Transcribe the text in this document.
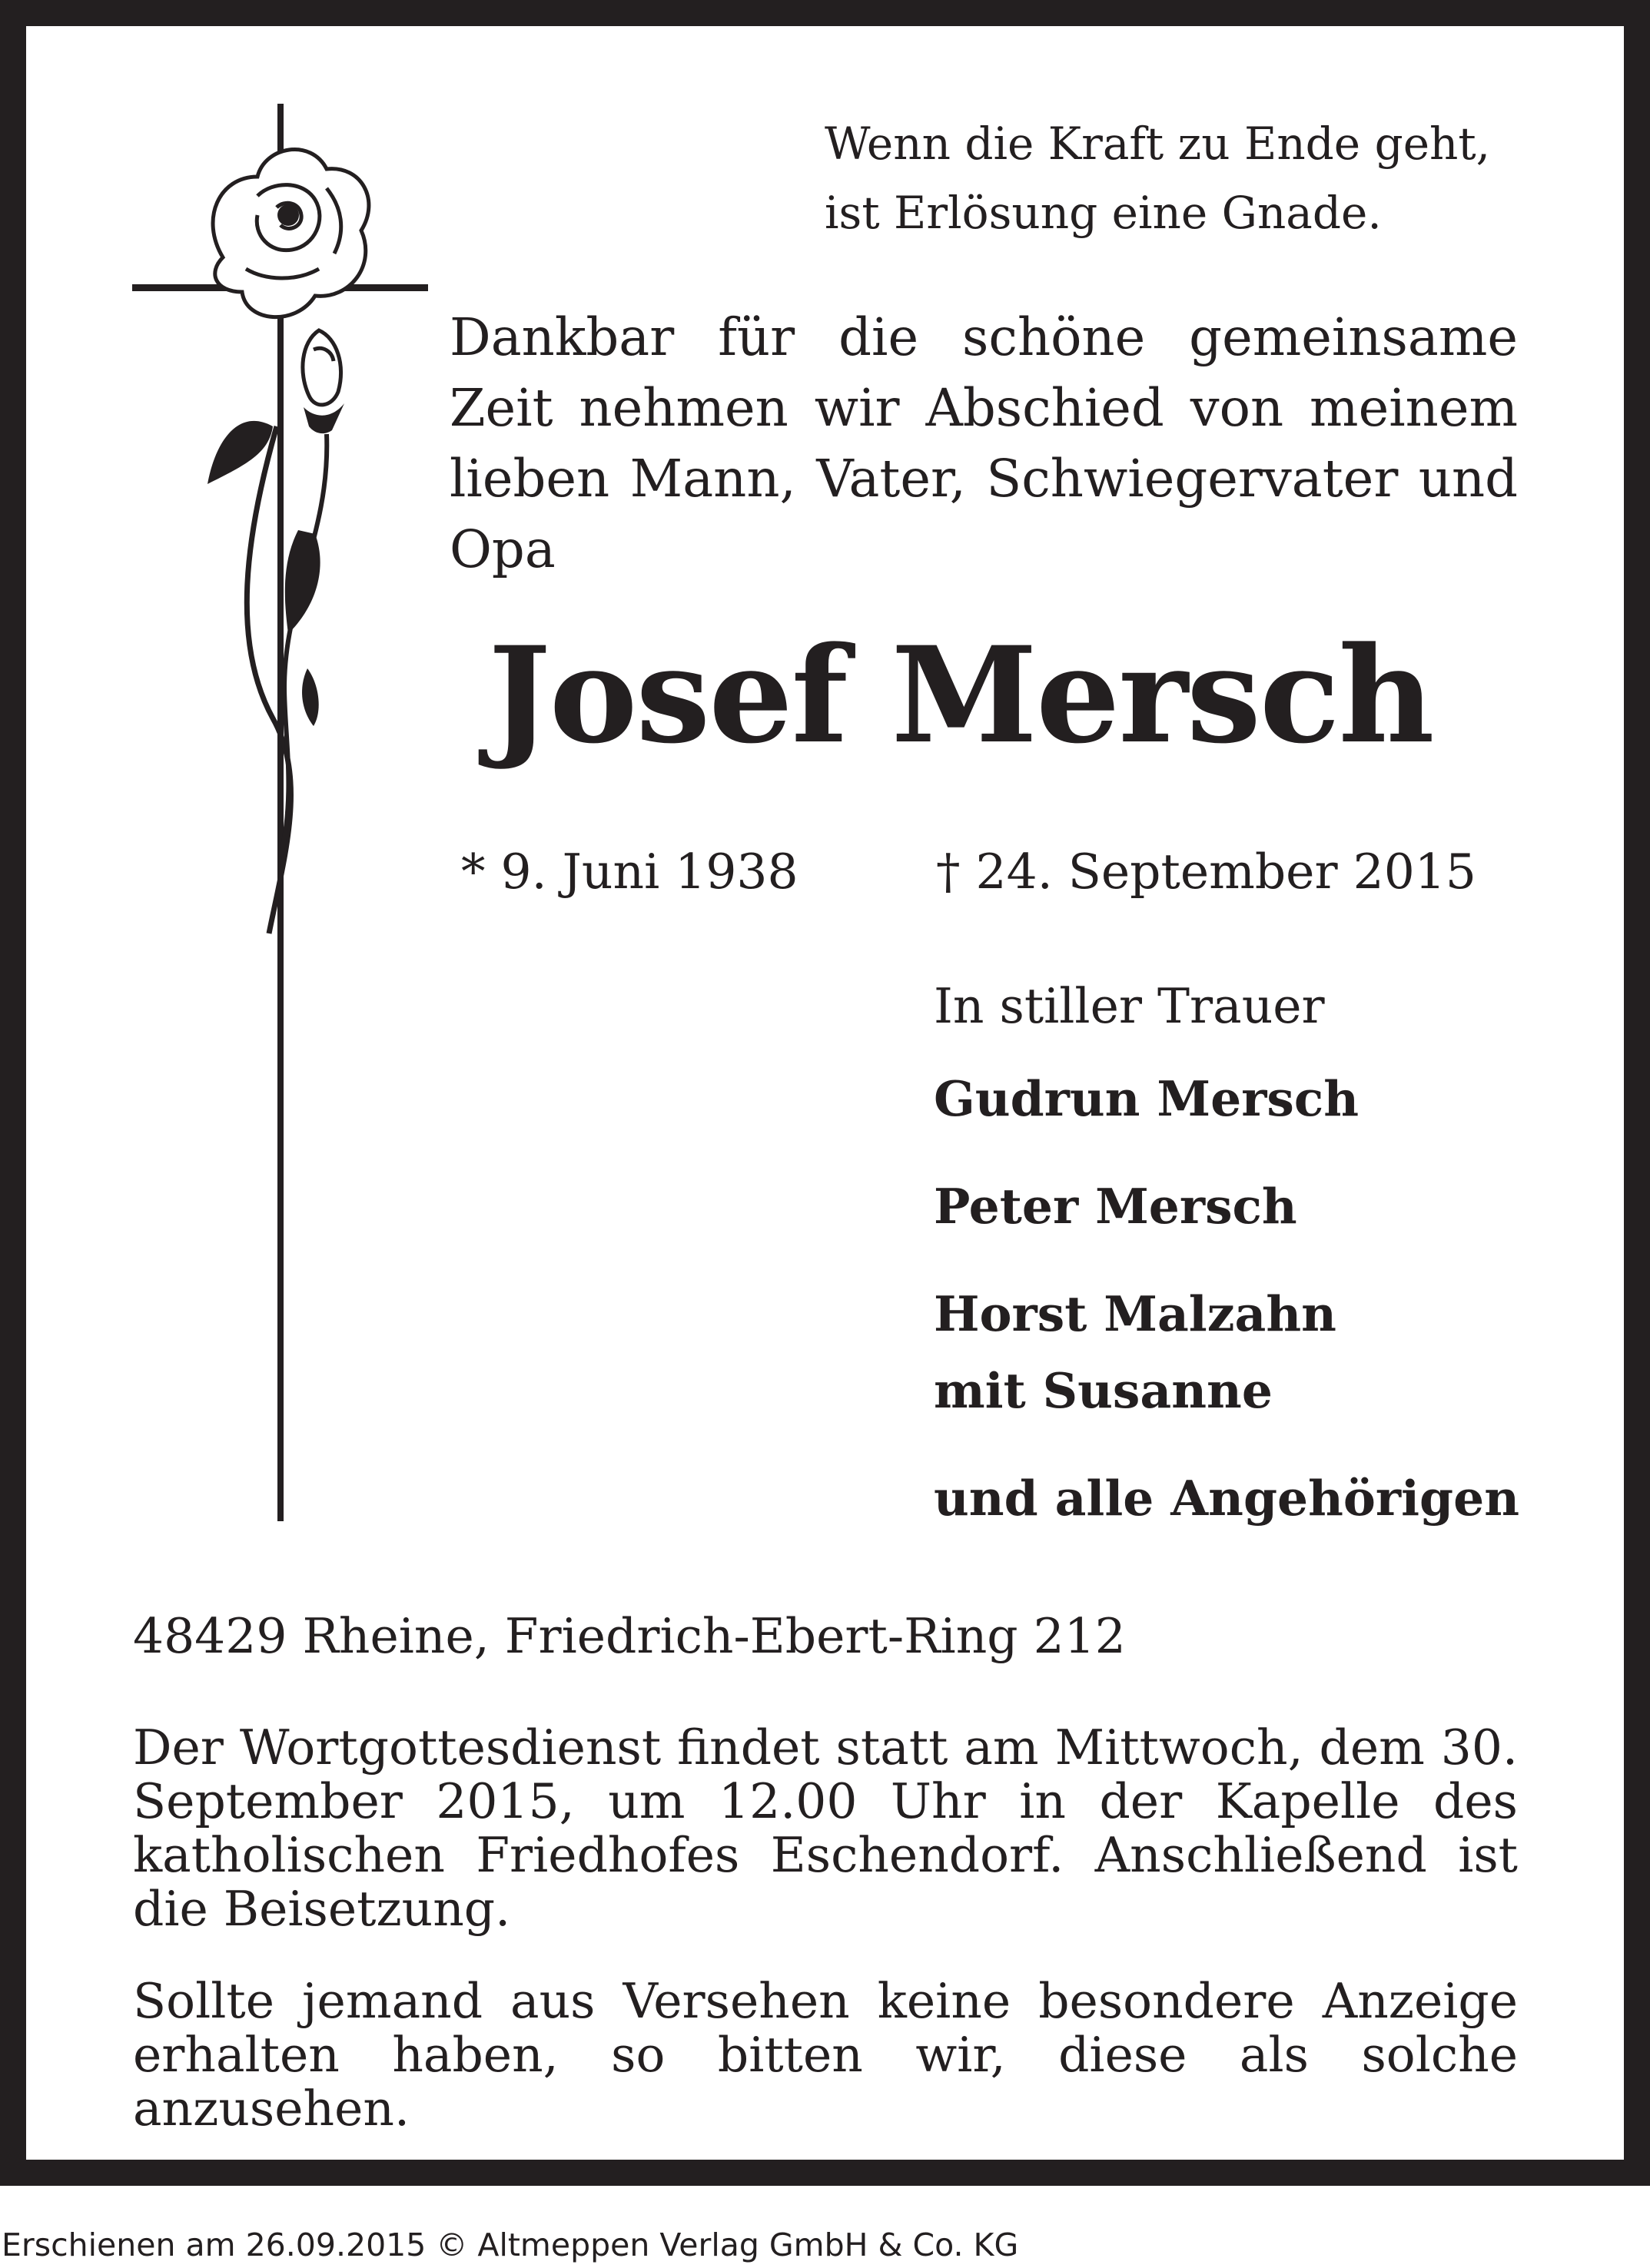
Wenn die Kraft zu Ende geht,
ist Erlösung eine Gnade.
Dankbar für die schöne gemeinsame Zeit nehmen wir Abschied von meinem lieben Mann, Vater, Schwiegervater und Opa
Josef Mersch
* 9. Juni 1938	† 24. September 2015
In stiller Trauer
Gudrun Mersch
Peter Mersch
Horst Malzahn
mit Susanne
und alle Angehörigen
48429 Rheine, Friedrich-Ebert-Ring 212
Der Wortgottesdienst findet statt am Mittwoch, dem 30. September 2015, um 12.00 Uhr in der Kapelle des katholischen Friedhofes Eschendorf. Anschließend ist die Beisetzung.
Sollte jemand aus Versehen keine besondere Anzeige erhalten haben, so bitten wir, diese als solche anzusehen.
Erschienen am 26.09.2015 © Altmeppen Verlag GmbH & Co. KG
